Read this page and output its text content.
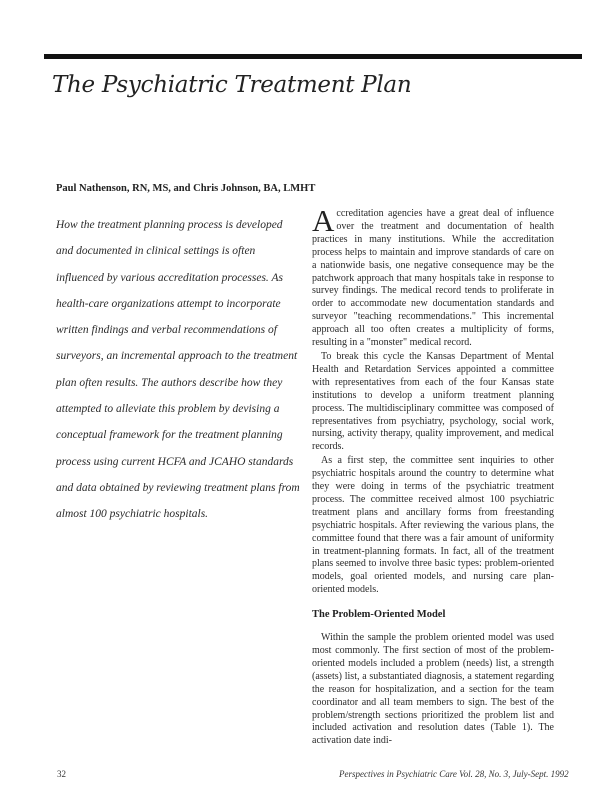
The Psychiatric Treatment Plan

Paul Nathenson, RN, MS, and Chris Johnson, BA, LMHT

How the treatment planning process is developed and documented in clinical settings is often influenced by various accreditation processes. As health-care organizations attempt to incorporate written findings and verbal recommendations of surveyors, an incremental approach to the treatment plan often results. The authors describe how they attempted to alleviate this problem by devising a conceptual framework for the treatment planning process using current HCFA and JCAHO standards and data obtained by reviewing treatment plans from almost 100 psychiatric hospitals.

Accreditation agencies have a great deal of influence over the treatment and documentation of health practices in many institutions. While the accreditation process helps to maintain and improve standards of care on a nationwide basis, one negative consequence may be the patchwork approach that many hospitals take in response to survey findings. The medical record tends to proliferate in order to accommodate new documentation standards and surveyor "teaching recommendations." This incremental approach all too often creates a multiplicity of forms, resulting in a "monster" medical record.

To break this cycle the Kansas Department of Mental Health and Retardation Services appointed a committee with representatives from each of the four Kansas state institutions to develop a uniform treatment planning process. The multidisciplinary committee was composed of representatives from psychiatry, psychology, social work, nursing, activity therapy, quality improvement, and medical records.

As a first step, the committee sent inquiries to other psychiatric hospitals around the country to determine what they were doing in terms of the psychiatric treatment process. The committee received almost 100 psychiatric treatment plans and ancillary forms from freestanding psychiatric hospitals. After reviewing the various plans, the committee found that there was a fair amount of uniformity in treatment-planning formats. In fact, all of the treatment plans seemed to involve three basic types: problem-oriented models, goal oriented models, and nursing care plan-oriented models.

The Problem-Oriented Model

Within the sample the problem oriented model was used most commonly. The first section of most of the problem-oriented models included a problem (needs) list, a strength (assets) list, a substantiated diagnosis, a statement regarding the reason for hospitalization, and a section for the team coordinator and all team members to sign. The best of the problem/strength sections prioritized the problem list and included activation and resolution dates (Table 1). The activation date indi-

32	Perspectives in Psychiatric Care Vol. 28, No. 3, July-Sept. 1992
